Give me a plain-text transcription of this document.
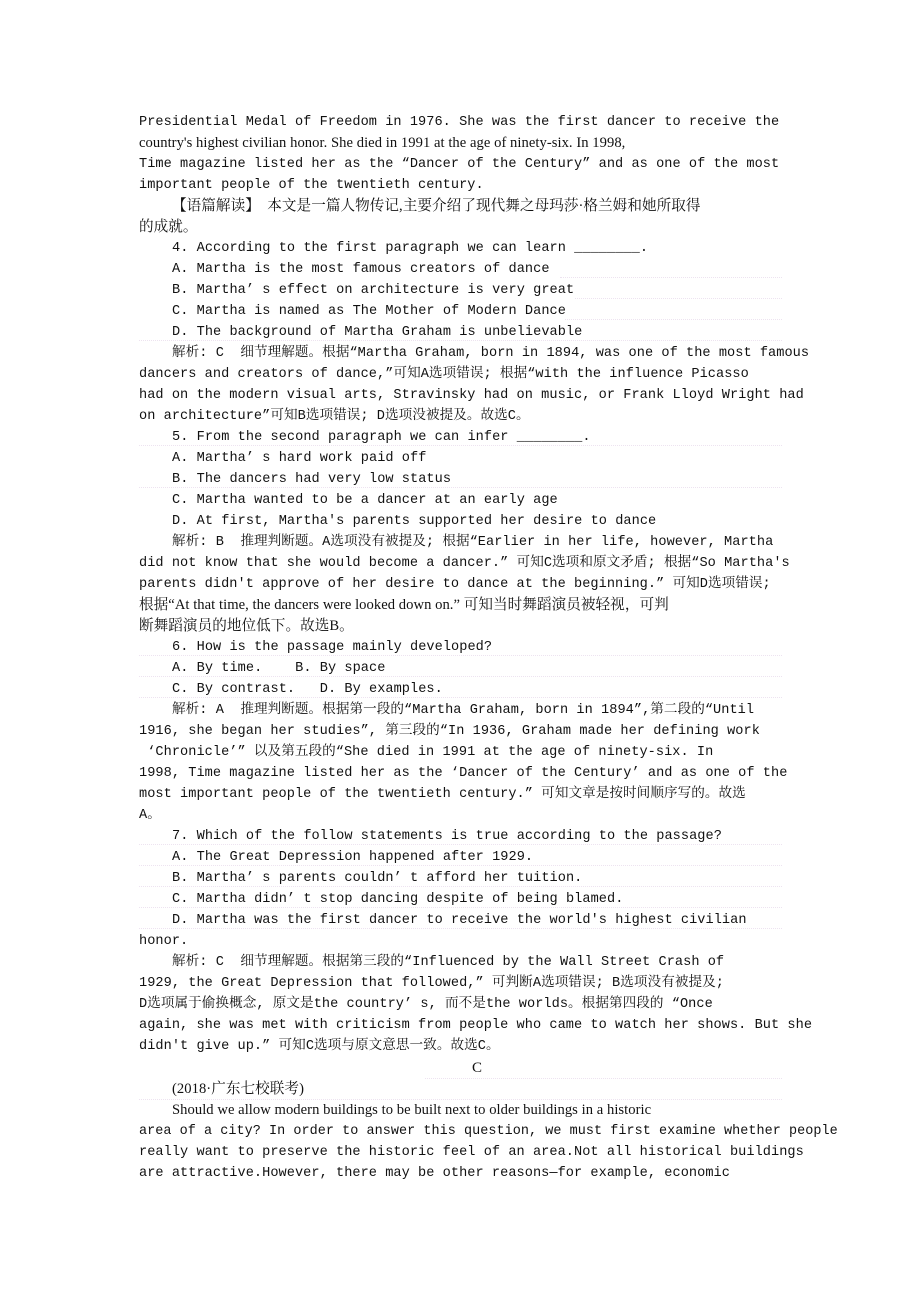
Presidential Medal of Freedom in 1976. She was the first dancer to receive the
country's highest civilian honor. She died in 1991 at the age of ninety-six. In 1998,
Time magazine listed her as the “Dancer of the Century” and as one of the most
important people of the twentieth century.
【语篇解读】  本文是一篇人物传记,主要介绍了现代舞之母玛莎·格兰姆和她所取得
的成就。
4. According to the first paragraph we can learn ________.
A. Martha is the most famous creators of dance
B. Martha’ s effect on architecture is very great
C. Martha is named as The Mother of Modern Dance
D. The background of Martha Graham is unbelievable
解析: C  细节理解题。根据“Martha Graham, born in 1894, was one of the most famous
dancers and creators of dance,”可知A选项错误; 根据“with the influence Picasso
had on the modern visual arts, Stravinsky had on music, or Frank Lloyd Wright had
on architecture”可知B选项错误; D选项没被提及。故选C。
5. From the second paragraph we can infer ________.
A. Martha’ s hard work paid off
B. The dancers had very low status
C. Martha wanted to be a dancer at an early age
D. At first, Martha's parents supported her desire to dance
解析: B  推理判断题。A选项没有被提及; 根据“Earlier in her life, however, Martha
did not know that she would become a dancer.” 可知C选项和原文矛盾; 根据“So Martha's
parents didn't approve of her desire to dance at the beginning.” 可知D选项错误;
根据“At that time, the dancers were looked down on.” 可知当时舞蹈演员被轻视，可判
断舞蹈演员的地位低下。故选B。
6. How is the passage mainly developed?
A. By time.    B. By space
C. By contrast.   D. By examples.
解析: A  推理判断题。根据第一段的“Martha Graham, born in 1894”,第二段的“Until
1916, she began her studies”, 第三段的“In 1936, Graham made her defining work
‘Chronicle’” 以及第五段的“She died in 1991 at the age of ninety-six. In
1998, Time magazine listed her as the ‘Dancer of the Century’ and as one of the
most important people of the twentieth century.” 可知文章是按时间顺序写的。故选
A。
7. Which of the follow statements is true according to the passage?
A. The Great Depression happened after 1929.
B. Martha’ s parents couldn’ t afford her tuition.
C. Martha didn’ t stop dancing despite of being blamed.
D. Martha was the first dancer to receive the world's highest civilian
honor.
解析: C  细节理解题。根据第三段的“Influenced by the Wall Street Crash of
1929, the Great Depression that followed,” 可判断A选项错误; B选项没有被提及;
D选项属于偷换概念, 原文是the country’ s, 而不是the worlds。根据第四段的 “Once
again, she was met with criticism from people who came to watch her shows. But she
didn't give up.” 可知C选项与原文意思一致。故选C。
C
(2018·广东七校联考)
Should we allow modern buildings to be built next to older buildings in a historic
area of a city? In order to answer this question, we must first examine whether people
really want to preserve the historic feel of an area.Not all historical buildings
are attractive.However, there may be other reasons—for example, economic
